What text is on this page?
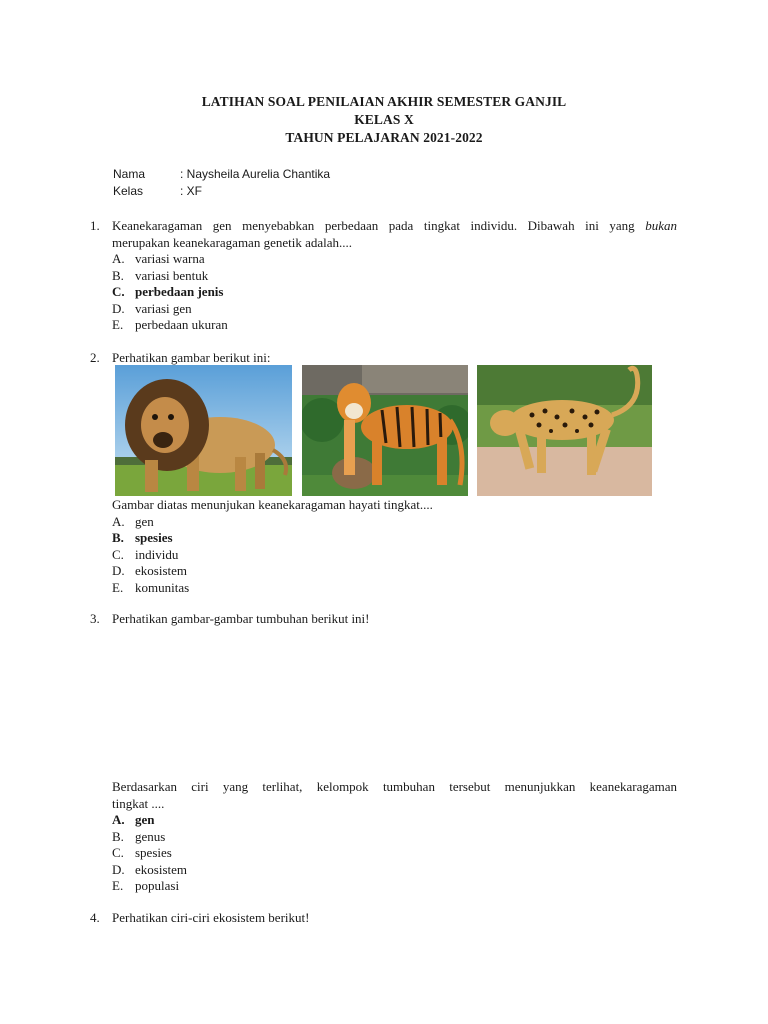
LATIHAN SOAL PENILAIAN AKHIR SEMESTER GANJIL
KELAS X
TAHUN PELAJARAN 2021-2022
Nama	: Naysheila Aurelia Chantika
Kelas	: XF
1. Keanekaragaman gen menyebabkan perbedaan pada tingkat individu. Dibawah ini yang bukan
merupakan keanekaragaman genetik adalah....
A. variasi warna
B. variasi bentuk
C. perbedaan jenis
D. variasi gen
E. perbedaan ukuran
2. Perhatikan gambar berikut ini:
Gambar diatas menunjukan keanekaragaman hayati tingkat....
A. gen
B. spesies
C. individu
D. ekosistem
E. komunitas
3. Perhatikan gambar-gambar tumbuhan berikut ini!
Berdasarkan ciri yang terlihat, kelompok tumbuhan tersebut menunjukkan keanekaragaman
tingkat ....
A. gen
B. genus
C. spesies
D. ekosistem
E. populasi
4. Perhatikan ciri-ciri ekosistem berikut!
